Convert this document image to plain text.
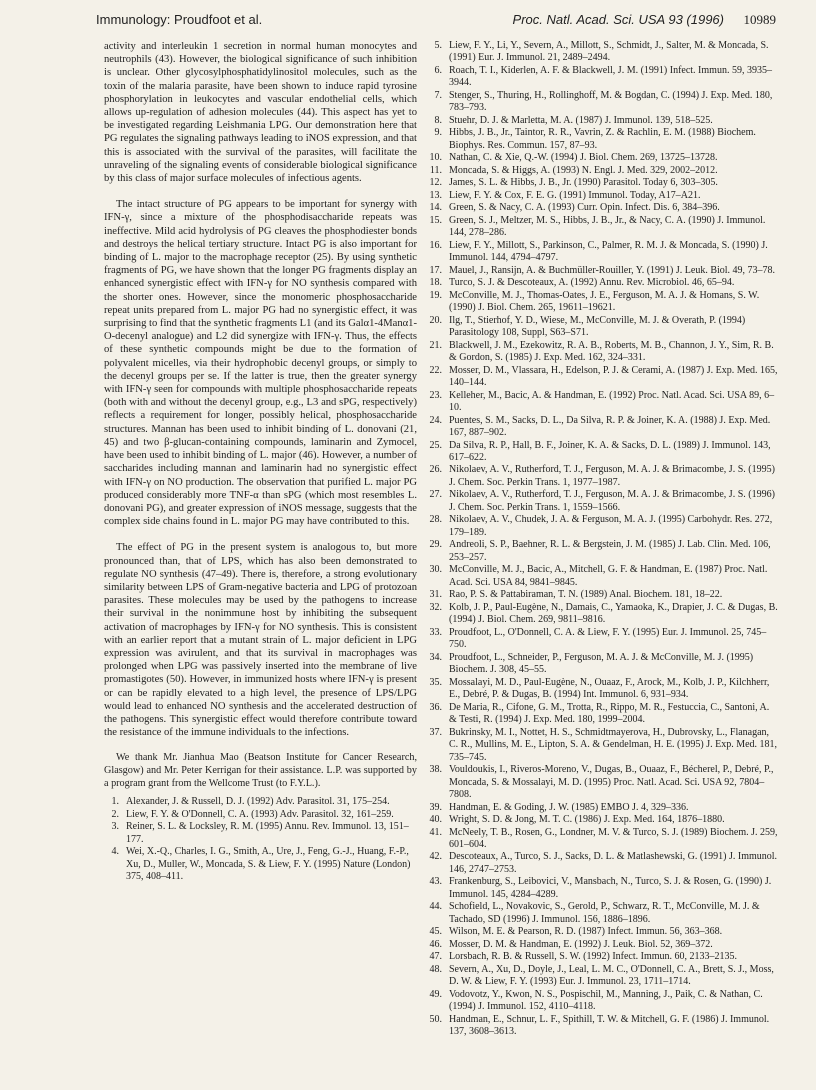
Immunology: Proudfoot et al.	Proc. Natl. Acad. Sci. USA 93 (1996) 10989

activity and interleukin 1 secretion in normal human monocytes and neutrophils (43). However, the biological significance of such inhibition is unclear. Other glycosylphosphatidylinositol molecules, such as the toxin of the malaria parasite, have been shown to induce rapid tyrosine phosphorylation in leukocytes and vascular endothelial cells, which allows up-regulation of adhesion molecules (44). This aspect has yet to be investigated regarding Leishmania LPG. Our demonstration here that PG regulates the signaling pathways leading to iNOS expression, and that this is associated with the survival of the parasites, will facilitate the unraveling of the signaling events of considerable biological significance by this class of major surface molecules of infectious agents.

The intact structure of PG appears to be important for synergy with IFN-γ, since a mixture of the phosphodisaccharide repeats was ineffective. Mild acid hydrolysis of PG cleaves the phosphodiester bonds and destroys the helical tertiary structure. Intact PG is also important for binding of L. major to the macrophage receptor (25). By using synthetic fragments of PG, we have shown that the longer PG fragments display an enhanced synergistic effect with IFN-γ for NO synthesis compared with the shorter ones. However, since the monomeric phosphosaccharide repeat units prepared from L. major PG had no synergistic effect, it was surprising to find that the synthetic fragments L1 (and its Galα1-4Manα1-O-decenyl analogue) and L2 did synergize with IFN-γ. Thus, the effects of these synthetic compounds might be due to the formation of polyvalent micelles, via their hydrophobic decenyl groups, or simply to the decenyl groups per se. If the latter is true, then the greater synergy with IFN-γ seen for compounds with multiple phosphosaccharide repeats (both with and without the decenyl group, e.g., L3 and sPG, respectively) reflects a requirement for longer, possibly helical, phosphosaccharide structures. Mannan has been used to inhibit binding of L. donovani (21, 45) and two β-glucan-containing compounds, laminarin and Zymocel, have been used to inhibit binding of L. major (46). However, a number of saccharides including mannan and laminarin had no synergistic effect with IFN-γ on NO production. The observation that purified L. major PG produced considerably more TNF-α than sPG (which most resembles L. donovani PG), and greater expression of iNOS message, suggests that the complex side chains found in L. major PG may have contributed to this.

The effect of PG in the present system is analogous to, but more pronounced than, that of LPS, which has also been demonstrated to regulate NO synthesis (47–49). There is, therefore, a strong evolutionary similarity between LPS of Gram-negative bacteria and LPG of protozoan parasites. These molecules may be used by the pathogens to increase their survival in the nonimmune host by inhibiting the subsequent activation of macrophages by IFN-γ for NO synthesis. This is consistent with an earlier report that a mutant strain of L. major deficient in LPG expression was avirulent, and that its survival in macrophages was prolonged when LPG was passively inserted into the membrane of live promastigotes (50). However, in immunized hosts where IFN-γ is present or can be rapidly elevated to a high level, the presence of LPS/LPG would lead to enhanced NO synthesis and the accelerated destruction of the pathogens. This synergistic effect would therefore contribute toward the resistance of the immune individuals to the infections.

We thank Mr. Jianhua Mao (Beatson Institute for Cancer Research, Glasgow) and Mr. Peter Kerrigan for their assistance. L.P. was supported by a program grant from the Wellcome Trust (to F.Y.L.).

1. Alexander, J. & Russell, D. J. (1992) Adv. Parasitol. 31, 175–254.
2. Liew, F. Y. & O'Donnell, C. A. (1993) Adv. Parasitol. 32, 161–259.
3. Reiner, S. L. & Locksley, R. M. (1995) Annu. Rev. Immunol. 13, 151–177.
4. Wei, X.-Q., Charles, I. G., Smith, A., Ure, J., Feng, G.-J., Huang, F.-P., Xu, D., Muller, W., Moncada, S. & Liew, F. Y. (1995) Nature (London) 375, 408–411.
5. Liew, F. Y., Li, Y., Severn, A., Millott, S., Schmidt, J., Salter, M. & Moncada, S. (1991) Eur. J. Immunol. 21, 2489–2494.
6. Roach, T. I., Kiderlen, A. F. & Blackwell, J. M. (1991) Infect. Immun. 59, 3935–3944.
7. Stenger, S., Thuring, H., Rollinghoff, M. & Bogdan, C. (1994) J. Exp. Med. 180, 783–793.
8. Stuehr, D. J. & Marletta, M. A. (1987) J. Immunol. 139, 518–525.
9. Hibbs, J. B., Jr., Taintor, R. R., Vavrin, Z. & Rachlin, E. M. (1988) Biochem. Biophys. Res. Commun. 157, 87–93.
10. Nathan, C. & Xie, Q.-W. (1994) J. Biol. Chem. 269, 13725–13728.
11. Moncada, S. & Higgs, A. (1993) N. Engl. J. Med. 329, 2002–2012.
12. James, S. L. & Hibbs, J. B., Jr. (1990) Parasitol. Today 6, 303–305.
13. Liew, F. Y. & Cox, F. E. G. (1991) Immunol. Today, A17–A21.
14. Green, S. & Nacy, C. A. (1993) Curr. Opin. Infect. Dis. 6, 384–396.
15. Green, S. J., Meltzer, M. S., Hibbs, J. B., Jr., & Nacy, C. A. (1990) J. Immunol. 144, 278–286.
16. Liew, F. Y., Millott, S., Parkinson, C., Palmer, R. M. J. & Moncada, S. (1990) J. Immunol. 144, 4794–4797.
17. Mauel, J., Ransijn, A. & Buchmüller-Rouiller, Y. (1991) J. Leuk. Biol. 49, 73–78.
18. Turco, S. J. & Descoteaux, A. (1992) Annu. Rev. Microbiol. 46, 65–94.
19. McConville, M. J., Thomas-Oates, J. E., Ferguson, M. A. J. & Homans, S. W. (1990) J. Biol. Chem. 265, 19611–19621.
20. Ilg, T., Stierhof, Y. D., Wiese, M., McConville, M. J. & Overath, P. (1994) Parasitology 108, Suppl, S63–S71.
21. Blackwell, J. M., Ezekowitz, R. A. B., Roberts, M. B., Channon, J. Y., Sim, R. B. & Gordon, S. (1985) J. Exp. Med. 162, 324–331.
22. Mosser, D. M., Vlassara, H., Edelson, P. J. & Cerami, A. (1987) J. Exp. Med. 165, 140–144.
23. Kelleher, M., Bacic, A. & Handman, E. (1992) Proc. Natl. Acad. Sci. USA 89, 6–10.
24. Puentes, S. M., Sacks, D. L., Da Silva, R. P. & Joiner, K. A. (1988) J. Exp. Med. 167, 887–902.
25. Da Silva, R. P., Hall, B. F., Joiner, K. A. & Sacks, D. L. (1989) J. Immunol. 143, 617–622.
26. Nikolaev, A. V., Rutherford, T. J., Ferguson, M. A. J. & Brimacombe, J. S. (1995) J. Chem. Soc. Perkin Trans. 1, 1977–1987.
27. Nikolaev, A. V., Rutherford, T. J., Ferguson, M. A. J. & Brimacombe, J. S. (1996) J. Chem. Soc. Perkin Trans. 1, 1559–1566.
28. Nikolaev, A. V., Chudek, J. A. & Ferguson, M. A. J. (1995) Carbohydr. Res. 272, 179–189.
29. Andreoli, S. P., Baehner, R. L. & Bergstein, J. M. (1985) J. Lab. Clin. Med. 106, 253–257.
30. McConville, M. J., Bacic, A., Mitchell, G. F. & Handman, E. (1987) Proc. Natl. Acad. Sci. USA 84, 9841–9845.
31. Rao, P. S. & Pattabiraman, T. N. (1989) Anal. Biochem. 181, 18–22.
32. Kolb, J. P., Paul-Eugène, N., Damais, C., Yamaoka, K., Drapier, J. C. & Dugas, B. (1994) J. Biol. Chem. 269, 9811–9816.
33. Proudfoot, L., O'Donnell, C. A. & Liew, F. Y. (1995) Eur. J. Immunol. 25, 745–750.
34. Proudfoot, L., Schneider, P., Ferguson, M. A. J. & McConville, M. J. (1995) Biochem. J. 308, 45–55.
35. Mossalayi, M. D., Paul-Eugène, N., Ouaaz, F., Arock, M., Kolb, J. P., Kilchherr, E., Debré, P. & Dugas, B. (1994) Int. Immunol. 6, 931–934.
36. De Maria, R., Cifone, G. M., Trotta, R., Rippo, M. R., Festuccia, C., Santoni, A. & Testi, R. (1994) J. Exp. Med. 180, 1999–2004.
37. Bukrinsky, M. I., Nottet, H. S., Schmidtmayerova, H., Dubrovsky, L., Flanagan, C. R., Mullins, M. E., Lipton, S. A. & Gendelman, H. E. (1995) J. Exp. Med. 181, 735–745.
38. Vouldoukis, I., Riveros-Moreno, V., Dugas, B., Ouaaz, F., Bécherel, P., Debré, P., Moncada, S. & Mossalayi, M. D. (1995) Proc. Natl. Acad. Sci. USA 92, 7804–7808.
39. Handman, E. & Goding, J. W. (1985) EMBO J. 4, 329–336.
40. Wright, S. D. & Jong, M. T. C. (1986) J. Exp. Med. 164, 1876–1880.
41. McNeely, T. B., Rosen, G., Londner, M. V. & Turco, S. J. (1989) Biochem. J. 259, 601–604.
42. Descoteaux, A., Turco, S. J., Sacks, D. L. & Matlashewski, G. (1991) J. Immunol. 146, 2747–2753.
43. Frankenburg, S., Leibovici, V., Mansbach, N., Turco, S. J. & Rosen, G. (1990) J. Immunol. 145, 4284–4289.
44. Schofield, L., Novakovic, S., Gerold, P., Schwarz, R. T., McConville, M. J. & Tachado, SD (1996) J. Immunol. 156, 1886–1896.
45. Wilson, M. E. & Pearson, R. D. (1987) Infect. Immun. 56, 363–368.
46. Mosser, D. M. & Handman, E. (1992) J. Leuk. Biol. 52, 369–372.
47. Lorsbach, R. B. & Russell, S. W. (1992) Infect. Immun. 60, 2133–2135.
48. Severn, A., Xu, D., Doyle, J., Leal, L. M. C., O'Donnell, C. A., Brett, S. J., Moss, D. W. & Liew, F. Y. (1993) Eur. J. Immunol. 23, 1711–1714.
49. Vodovotz, Y., Kwon, N. S., Pospischil, M., Manning, J., Paik, C. & Nathan, C. (1994) J. Immunol. 152, 4110–4118.
50. Handman, E., Schnur, L. F., Spithill, T. W. & Mitchell, G. F. (1986) J. Immunol. 137, 3608–3613.
